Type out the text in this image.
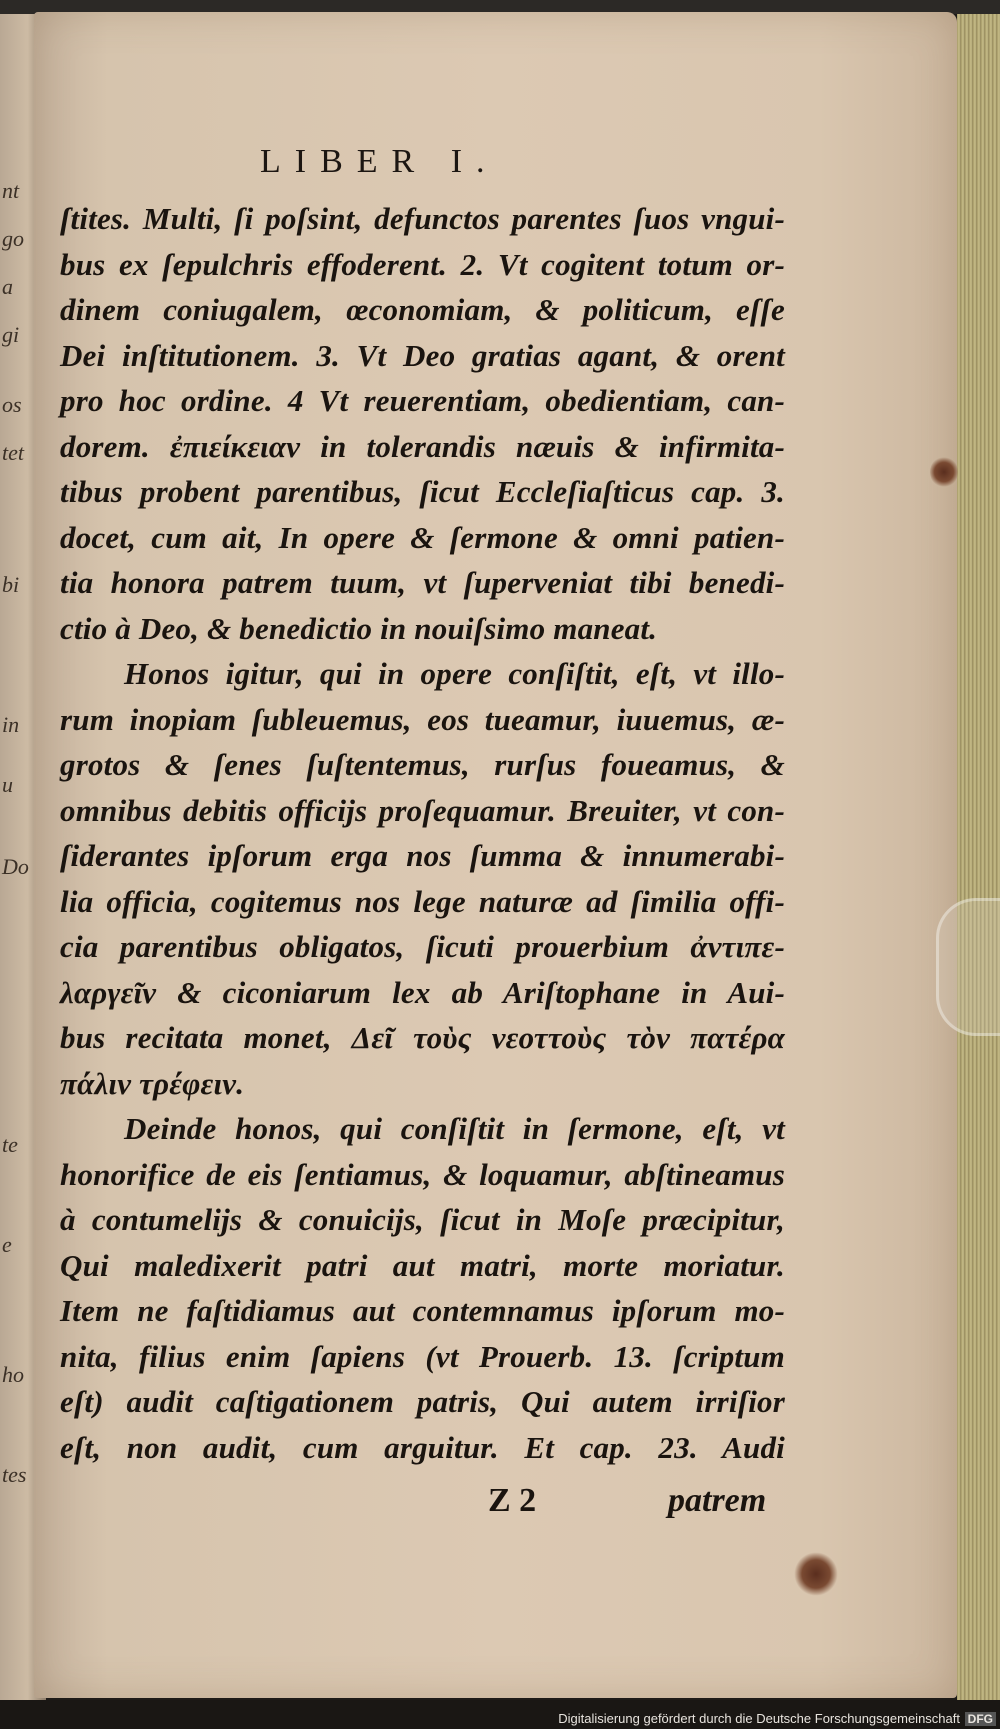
nt
go
a
gi
os
tet
bi
in
u
Do
te
e
ho
tes
LIBER I.
ſtites. Multi, ſi poſsint, defunctos parentes ſuos vngui-
bus ex ſepulchris effoderent. 2. Vt cogitent totum or-
dinem coniugalem, œconomiam, & politicum, eſſe
Dei inſtitutionem. 3. Vt Deo gratias agant, & orent
pro hoc ordine. 4 Vt reuerentiam, obedientiam, can-
dorem. ἐπιείκειαν in tolerandis næuis & infirmita-
tibus probent parentibus, ſicut Eccleſiaſticus cap. 3.
docet, cum ait, In opere & ſermone & omni patien-
tia honora patrem tuum, vt ſuperveniat tibi benedi-
ctio à Deo, & benedictio in nouiſsimo maneat.
Honos igitur, qui in opere conſiſtit, eſt, vt illo-
rum inopiam ſubleuemus, eos tueamur, iuuemus, æ-
grotos & ſenes ſuſtentemus, rurſus foueamus, &
omnibus debitis officijs proſequamur. Breuiter, vt con-
ſiderantes ipſorum erga nos ſumma & innumerabi-
lia officia, cogitemus nos lege naturæ ad ſimilia offi-
cia parentibus obligatos, ſicuti prouerbium ἀντιπε-
λαργεῖν & ciconiarum lex ab Ariſtophane in Aui-
bus recitata monet, Δεῖ τοὺς νεοττοὺς τὸν πατέρα
πάλιν τρέφειν.
Deinde honos, qui conſiſtit in ſermone, eſt, vt
honorifice de eis ſentiamus, & loquamur, abſtineamus
à contumelijs & conuicijs, ſicut in Moſe præcipitur,
Qui maledixerit patri aut matri, morte moriatur.
Item ne faſtidiamus aut contemnamus ipſorum mo-
nita, filius enim ſapiens (vt Prouerb. 13. ſcriptum
eſt) audit caſtigationem patris, Qui autem irriſior
eſt, non audit, cum arguitur. Et cap. 23. Audi
Z 2	patrem
Digitalisierung gefördert durch die Deutsche Forschungsgemeinschaft DFG
